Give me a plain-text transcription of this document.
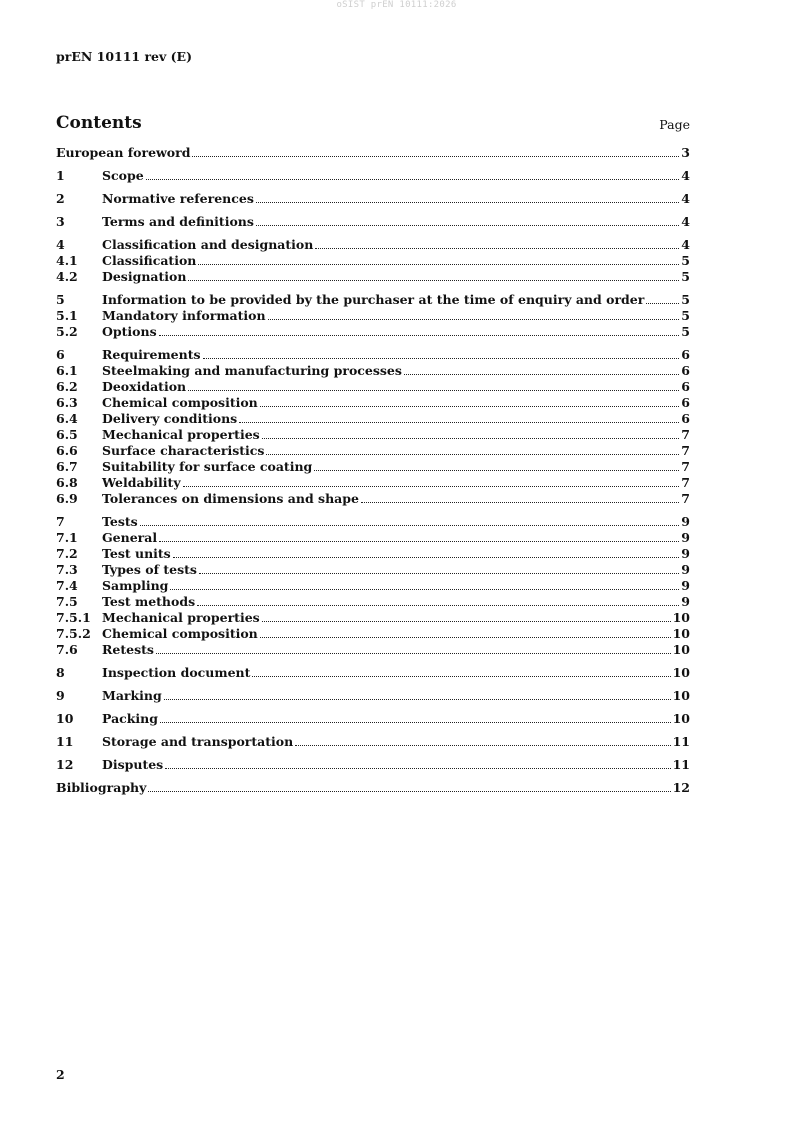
oSIST prEN 10111:2026
prEN 10111 rev (E)
Contents	Page
European foreword	3
1	Scope	4
2	Normative references	4
3	Terms and definitions	4
4	Classification and designation	4
4.1	Classification	5
4.2	Designation	5
5	Information to be provided by the purchaser at the time of enquiry and order	5
5.1	Mandatory information	5
5.2	Options	5
6	Requirements	6
6.1	Steelmaking and manufacturing processes	6
6.2	Deoxidation	6
6.3	Chemical composition	6
6.4	Delivery conditions	6
6.5	Mechanical properties	7
6.6	Surface characteristics	7
6.7	Suitability for surface coating	7
6.8	Weldability	7
6.9	Tolerances on dimensions and shape	7
7	Tests	9
7.1	General	9
7.2	Test units	9
7.3	Types of tests	9
7.4	Sampling	9
7.5	Test methods	9
7.5.1 Mechanical properties	10
7.5.2 Chemical composition	10
7.6	Retests	10
8	Inspection document	10
9	Marking	10
10	Packing	10
11	Storage and transportation	11
12	Disputes	11
Bibliography	12
2
